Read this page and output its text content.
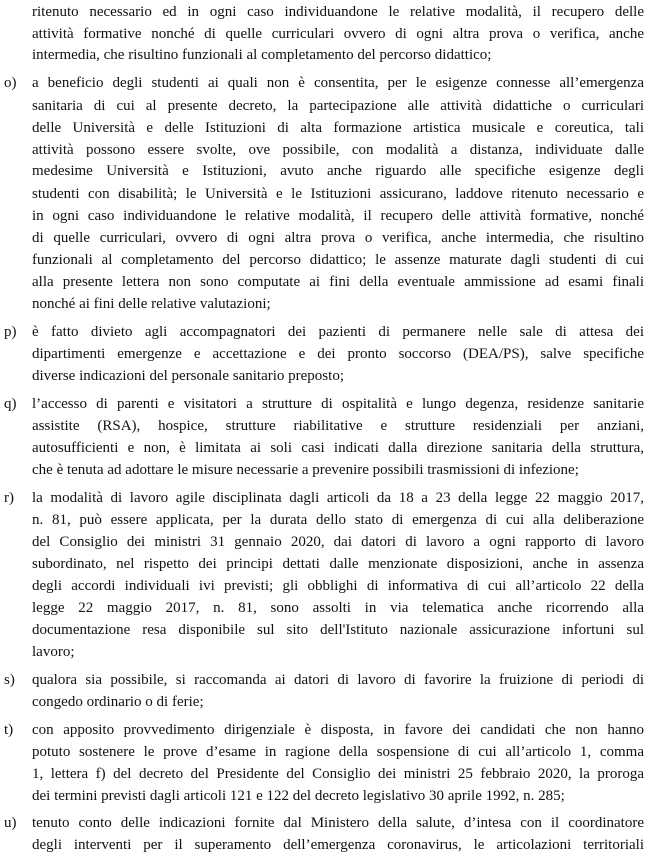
ritenuto necessario ed in ogni caso individuandone le relative modalità, il recupero delle
attività formative nonché di quelle curriculari ovvero di ogni altra prova o verifica, anche
intermedia, che risultino funzionali al completamento del percorso didattico;
o)	a beneficio degli studenti ai quali non è consentita, per le esigenze connesse all’emergenza
sanitaria di cui al presente decreto, la partecipazione alle attività didattiche o curriculari
delle Università e delle Istituzioni di alta formazione artistica musicale e coreutica, tali
attività possono essere svolte, ove possibile, con modalità a distanza, individuate dalle
medesime Università e Istituzioni, avuto anche riguardo alle specifiche esigenze degli
studenti con disabilità; le Università e le Istituzioni assicurano, laddove ritenuto necessario e
in ogni caso individuandone le relative modalità, il recupero delle attività formative, nonché
di quelle curriculari, ovvero di ogni altra prova o verifica, anche intermedia, che risultino
funzionali al completamento del percorso didattico; le assenze maturate dagli studenti di cui
alla presente lettera non sono computate ai fini della eventuale ammissione ad esami finali
nonché ai fini delle relative valutazioni;
p)	è fatto divieto agli accompagnatori dei pazienti di permanere nelle sale di attesa dei
dipartimenti emergenze e accettazione e dei pronto soccorso (DEA/PS), salve specifiche
diverse indicazioni del personale sanitario preposto;
q)	l’accesso di parenti e visitatori a strutture di ospitalità e lungo degenza, residenze sanitarie
assistite (RSA), hospice, strutture riabilitative e strutture residenziali per anziani,
autosufficienti e non, è limitata ai soli casi indicati dalla direzione sanitaria della struttura,
che è tenuta ad adottare le misure necessarie a prevenire possibili trasmissioni di infezione;
r)	la modalità di lavoro agile disciplinata dagli articoli da 18 a 23 della legge 22 maggio 2017,
n. 81, può essere applicata, per la durata dello stato di emergenza di cui alla deliberazione
del Consiglio dei ministri 31 gennaio 2020, dai datori di lavoro a ogni rapporto di lavoro
subordinato, nel rispetto dei principi dettati dalle menzionate disposizioni, anche in assenza
degli accordi individuali ivi previsti; gli obblighi di informativa di cui all’articolo 22 della
legge 22 maggio 2017, n. 81, sono assolti in via telematica anche ricorrendo alla
documentazione resa disponibile sul sito dell'Istituto nazionale assicurazione infortuni sul
lavoro;
s)	qualora sia possibile, si raccomanda ai datori di lavoro di favorire la fruizione di periodi di
congedo ordinario o di ferie;
t)	con apposito provvedimento dirigenziale è disposta, in favore dei candidati che non hanno
potuto sostenere le prove d’esame in ragione della sospensione di cui all’articolo 1, comma
1, lettera f) del decreto del Presidente del Consiglio dei ministri 25 febbraio 2020, la proroga
dei termini previsti dagli articoli 121 e 122 del decreto legislativo 30 aprile 1992, n. 285;
u)	tenuto conto delle indicazioni fornite dal Ministero della salute, d’intesa con il coordinatore
degli interventi per il superamento dell’emergenza coronavirus, le articolazioni territoriali
